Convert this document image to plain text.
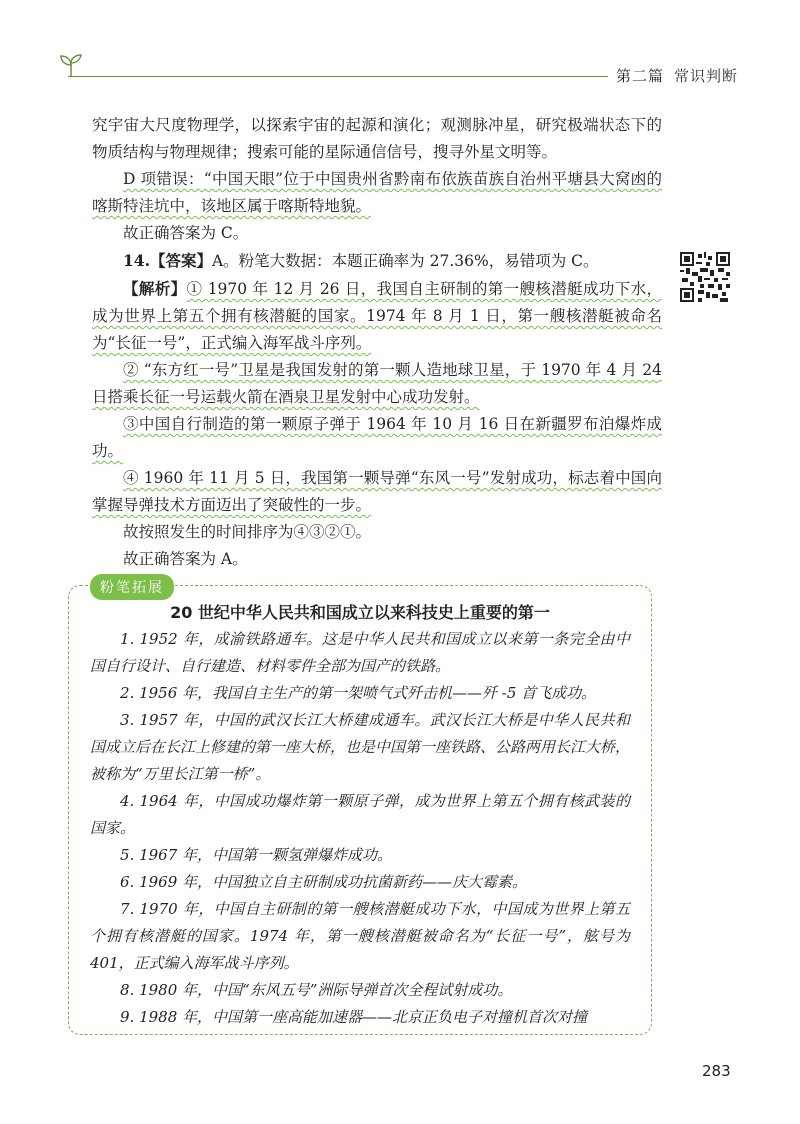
第二篇 常识判断

究宇宙大尺度物理学，以探索宇宙的起源和演化；观测脉冲星，研究极端状态下的物质结构与物理规律；搜索可能的星际通信信号，搜寻外星文明等。

D 项错误：“中国天眼”位于中国贵州省黔南布依族苗族自治州平塘县大窝凼的喀斯特洼坑中，该地区属于喀斯特地貌。

故正确答案为 C。

14.【答案】A。粉笔大数据：本题正确率为 27.36%，易错项为 C。

【解析】① 1970 年 12 月 26 日，我国自主研制的第一艘核潜艇成功下水，成为世界上第五个拥有核潜艇的国家。1974 年 8 月 1 日，第一艘核潜艇被命名为“长征一号”，正式编入海军战斗序列。

② “东方红一号”卫星是我国发射的第一颗人造地球卫星，于 1970 年 4 月 24 日搭乘长征一号运载火箭在酒泉卫星发射中心成功发射。

③中国自行制造的第一颗原子弹于 1964 年 10 月 16 日在新疆罗布泊爆炸成功。

④ 1960 年 11 月 5 日，我国第一颗导弹“东风一号”发射成功，标志着中国向掌握导弹技术方面迈出了突破性的一步。

故按照发生的时间排序为④③②①。

故正确答案为 A。

粉笔拓展
20 世纪中华人民共和国成立以来科技史上重要的第一

1. 1952 年，成渝铁路通车。这是中华人民共和国成立以来第一条完全由中国自行设计、自行建造、材料零件全部为国产的铁路。

2. 1956 年，我国自主生产的第一架喷气式歼击机——歼 -5 首飞成功。

3. 1957 年，中国的武汉长江大桥建成通车。武汉长江大桥是中华人民共和国成立后在长江上修建的第一座大桥，也是中国第一座铁路、公路两用长江大桥，被称为“万里长江第一桥”。

4. 1964 年，中国成功爆炸第一颗原子弹，成为世界上第五个拥有核武装的国家。

5. 1967 年，中国第一颗氢弹爆炸成功。

6. 1969 年，中国独立自主研制成功抗菌新药——庆大霉素。

7. 1970 年，中国自主研制的第一艘核潜艇成功下水，中国成为世界上第五个拥有核潜艇的国家。1974 年，第一艘核潜艇被命名为“长征一号”，舷号为 401，正式编入海军战斗序列。

8. 1980 年，中国“东风五号”洲际导弹首次全程试射成功。

9. 1988 年，中国第一座高能加速器——北京正负电子对撞机首次对撞

283
